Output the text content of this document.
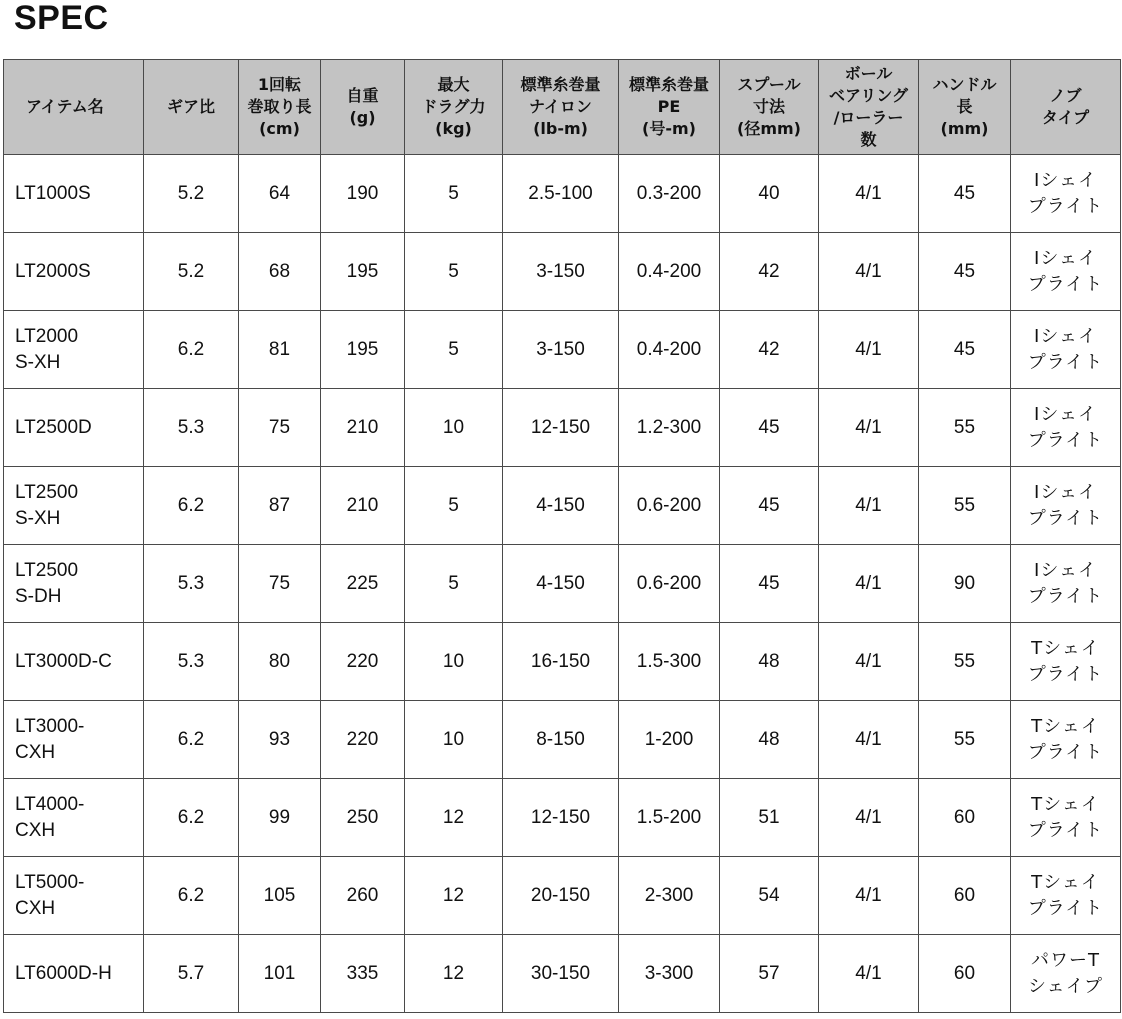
SPEC
アイテム名	ギア比	1回転
巻取り長
(cm)	自重
(g)	最大
ドラグ力
(kg)	標準糸巻量
ナイロン
(lb-m)	標準糸巻量
PE
(号-m)	スプール
寸法
(径mm)	ボール
ベアリング
/ローラー
数	ハンドル
長
(mm)	ノブ
タイプ
LT1000S	5.2	64	190	5	2.5-100	0.3-200	40	4/1	45	Iシェイ
プライト
LT2000S	5.2	68	195	5	3-150	0.4-200	42	4/1	45	Iシェイ
プライト
LT2000
S-XH	6.2	81	195	5	3-150	0.4-200	42	4/1	45	Iシェイ
プライト
LT2500D	5.3	75	210	10	12-150	1.2-300	45	4/1	55	Iシェイ
プライト
LT2500
S-XH	6.2	87	210	5	4-150	0.6-200	45	4/1	55	Iシェイ
プライト
LT2500
S-DH	5.3	75	225	5	4-150	0.6-200	45	4/1	90	Iシェイ
プライト
LT3000D-C	5.3	80	220	10	16-150	1.5-300	48	4/1	55	Tシェイ
プライト
LT3000-
CXH	6.2	93	220	10	8-150	1-200	48	4/1	55	Tシェイ
プライト
LT4000-
CXH	6.2	99	250	12	12-150	1.5-200	51	4/1	60	Tシェイ
プライト
LT5000-
CXH	6.2	105	260	12	20-150	2-300	54	4/1	60	Tシェイ
プライト
LT6000D-H	5.7	101	335	12	30-150	3-300	57	4/1	60	パワーT
シェイプ
